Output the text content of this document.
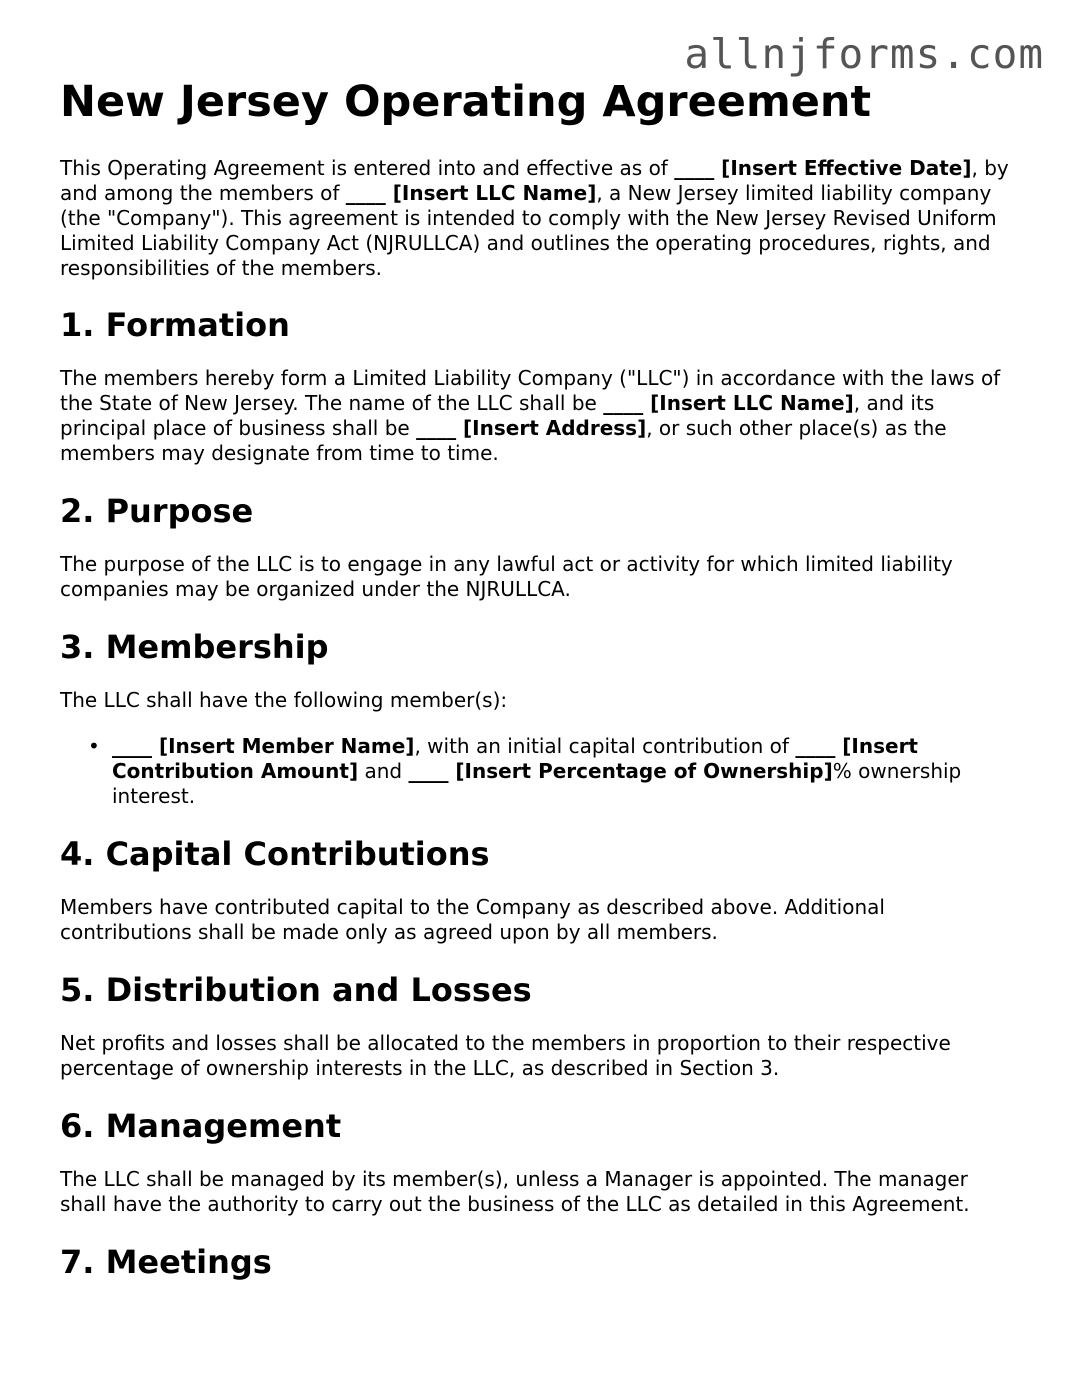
allnjforms.com
New Jersey Operating Agreement

This Operating Agreement is entered into and effective as of ____ [Insert Effective Date], by and among the members of ____ [Insert LLC Name], a New Jersey limited liability company (the "Company"). This agreement is intended to comply with the New Jersey Revised Uniform Limited Liability Company Act (NJRULLCA) and outlines the operating procedures, rights, and responsibilities of the members.

1. Formation

The members hereby form a Limited Liability Company ("LLC") in accordance with the laws of the State of New Jersey. The name of the LLC shall be ____ [Insert LLC Name], and its principal place of business shall be ____ [Insert Address], or such other place(s) as the members may designate from time to time.

2. Purpose

The purpose of the LLC is to engage in any lawful act or activity for which limited liability companies may be organized under the NJRULLCA.

3. Membership

The LLC shall have the following member(s):

• ____ [Insert Member Name], with an initial capital contribution of ____ [Insert Contribution Amount] and ____ [Insert Percentage of Ownership]% ownership interest.
4. Capital Contributions

Members have contributed capital to the Company as described above. Additional contributions shall be made only as agreed upon by all members.

5. Distribution and Losses

Net profits and losses shall be allocated to the members in proportion to their respective percentage of ownership interests in the LLC, as described in Section 3.

6. Management

The LLC shall be managed by its member(s), unless a Manager is appointed. The manager shall have the authority to carry out the business of the LLC as detailed in this Agreement.

7. Meetings
